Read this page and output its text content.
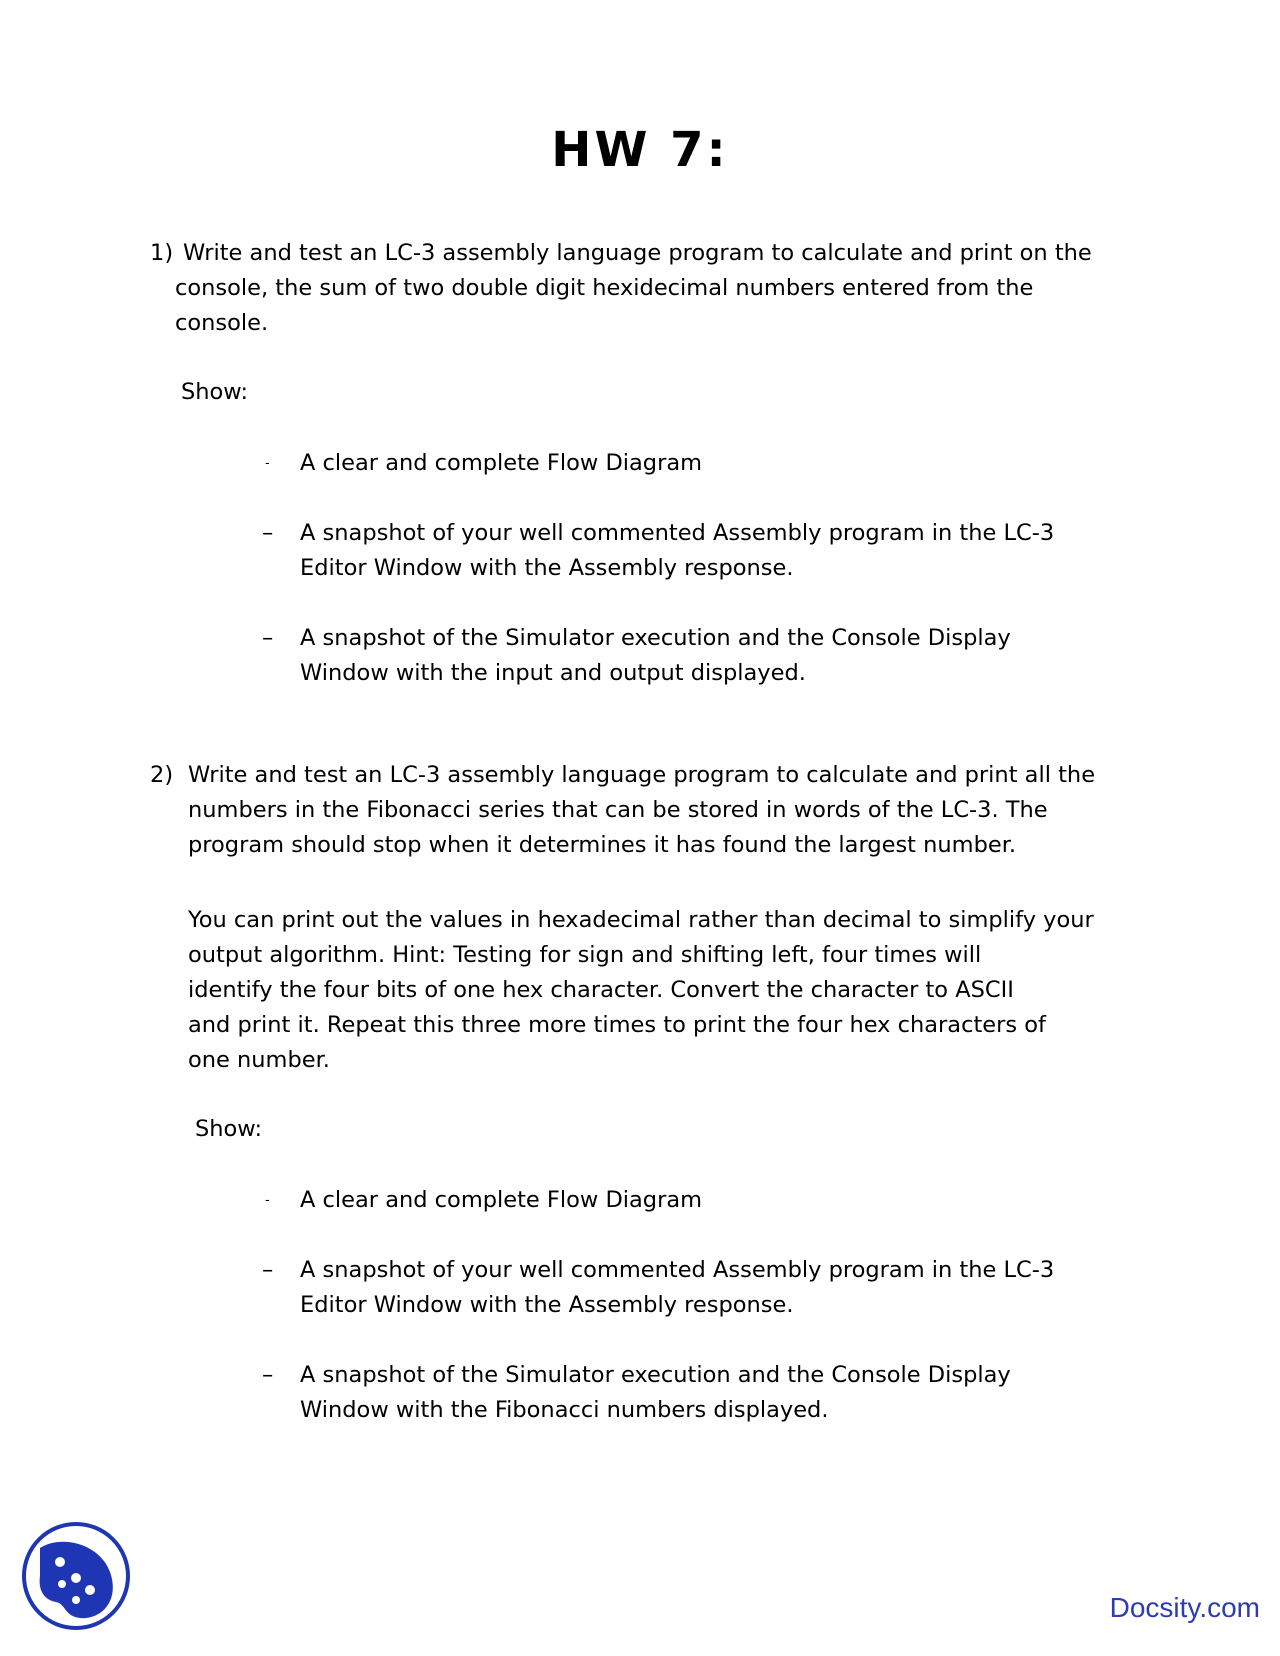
HW 7:
1) Write and test an LC-3 assembly language program to calculate and print on the

console, the sum of two double digit hexidecimal numbers entered from the

console.

Show:

- A clear and complete Flow Diagram

– A snapshot of your well commented Assembly program in the LC-3

Editor Window with the Assembly response.

– A snapshot of the Simulator execution and the Console Display

Window with the input and output displayed.

2) Write and test an LC-3 assembly language program to calculate and print all the

numbers in the Fibonacci series that can be stored in words of the LC-3. The

program should stop when it determines it has found the largest number.

You can print out the values in hexadecimal rather than decimal to simplify your

output algorithm. Hint: Testing for sign and shifting left, four times will

identify the four bits of one hex character. Convert the character to ASCII

and print it. Repeat this three more times to print the four hex characters of

one number.

Show:

- A clear and complete Flow Diagram

– A snapshot of your well commented Assembly program in the LC-3

Editor Window with the Assembly response.

– A snapshot of the Simulator execution and the Console Display

Window with the Fibonacci numbers displayed.

Docsity.com
